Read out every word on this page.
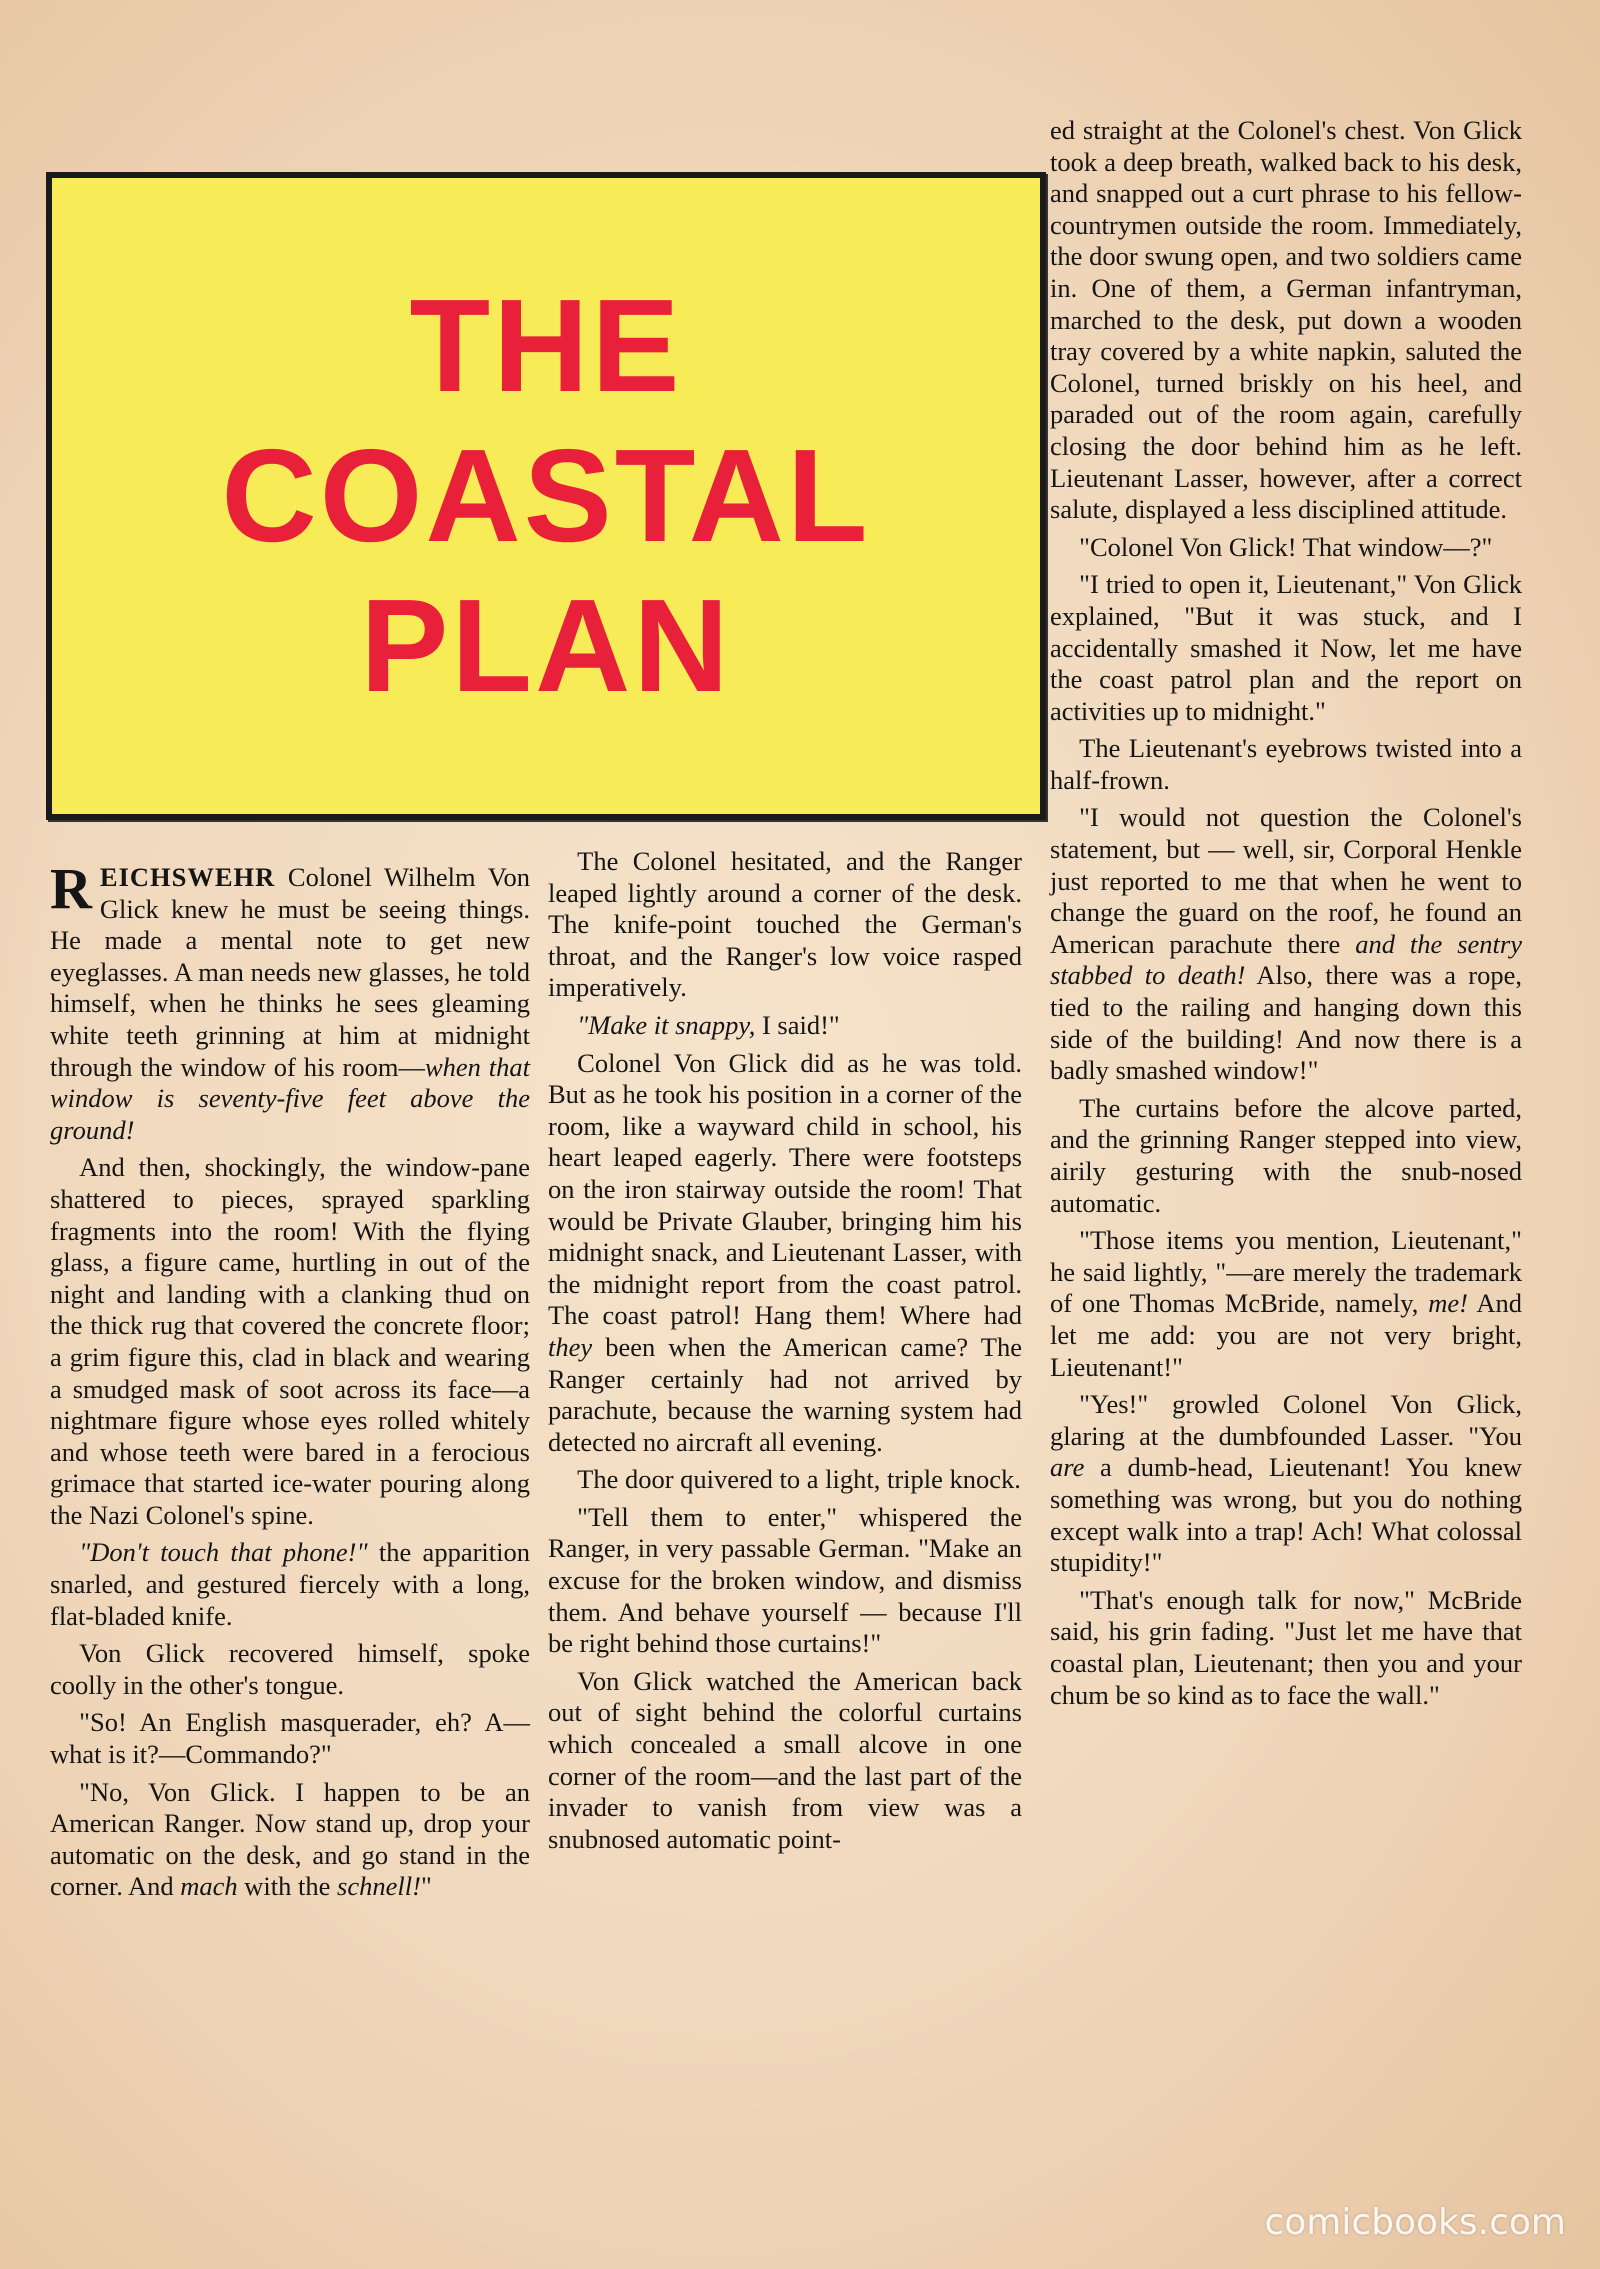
THE
COASTAL
PLAN

REICHSWEHR Colonel Wilhelm Von Glick knew he must be seeing things. He made a mental note to get new eyeglasses. A man needs new glasses, he told himself, when he thinks he sees gleaming white teeth grinning at him at midnight through the window of his room—when that window is seventy-five feet above the ground!

And then, shockingly, the window-pane shattered to pieces, sprayed sparkling fragments into the room! With the flying glass, a figure came, hurtling in out of the night and landing with a clanking thud on the thick rug that covered the concrete floor; a grim figure this, clad in black and wearing a smudged mask of soot across its face—a nightmare figure whose eyes rolled whitely and whose teeth were bared in a ferocious grimace that started ice-water pouring along the Nazi Colonel's spine.

"Don't touch that phone!" the apparition snarled, and gestured fiercely with a long, flat-bladed knife.

Von Glick recovered himself, spoke coolly in the other's tongue.

"So! An English masquerader, eh? A—what is it?—Commando?"

"No, Von Glick. I happen to be an American Ranger. Now stand up, drop your automatic on the desk, and go stand in the corner. And mach with the schnell!"

The Colonel hesitated, and the Ranger leaped lightly around a corner of the desk. The knife-point touched the German's throat, and the Ranger's low voice rasped imperatively.

"Make it snappy, I said!"

Colonel Von Glick did as he was told. But as he took his position in a corner of the room, like a wayward child in school, his heart leaped eagerly. There were footsteps on the iron stairway outside the room! That would be Private Glauber, bringing him his midnight snack, and Lieutenant Lasser, with the midnight report from the coast patrol. The coast patrol! Hang them! Where had they been when the American came? The Ranger certainly had not arrived by parachute, because the warning system had detected no aircraft all evening.

The door quivered to a light, triple knock.

"Tell them to enter," whispered the Ranger, in very passable German. "Make an excuse for the broken window, and dismiss them. And behave yourself — because I'll be right behind those curtains!"

Von Glick watched the American back out of sight behind the colorful curtains which concealed a small alcove in one corner of the room—and the last part of the invader to vanish from view was a snubnosed automatic point-

ed straight at the Colonel's chest. Von Glick took a deep breath, walked back to his desk, and snapped out a curt phrase to his fellow-countrymen outside the room. Immediately, the door swung open, and two soldiers came in. One of them, a German infantryman, marched to the desk, put down a wooden tray covered by a white napkin, saluted the Colonel, turned briskly on his heel, and paraded out of the room again, carefully closing the door behind him as he left. Lieutenant Lasser, however, after a correct salute, displayed a less disciplined attitude.

"Colonel Von Glick! That window—?"

"I tried to open it, Lieutenant," Von Glick explained, "But it was stuck, and I accidentally smashed it Now, let me have the coast patrol plan and the report on activities up to midnight."

The Lieutenant's eyebrows twisted into a half-frown.

"I would not question the Colonel's statement, but — well, sir, Corporal Henkle just reported to me that when he went to change the guard on the roof, he found an American parachute there and the sentry stabbed to death! Also, there was a rope, tied to the railing and hanging down this side of the building! And now there is a badly smashed window!"

The curtains before the alcove parted, and the grinning Ranger stepped into view, airily gesturing with the snub-nosed automatic.

"Those items you mention, Lieutenant," he said lightly, "—are merely the trademark of one Thomas McBride, namely, me! And let me add: you are not very bright, Lieutenant!"

"Yes!" growled Colonel Von Glick, glaring at the dumbfounded Lasser. "You are a dumb-head, Lieutenant! You knew something was wrong, but you do nothing except walk into a trap! Ach! What colossal stupidity!"

"That's enough talk for now," McBride said, his grin fading. "Just let me have that coastal plan, Lieutenant; then you and your chum be so kind as to face the wall."

comicbooks.com
